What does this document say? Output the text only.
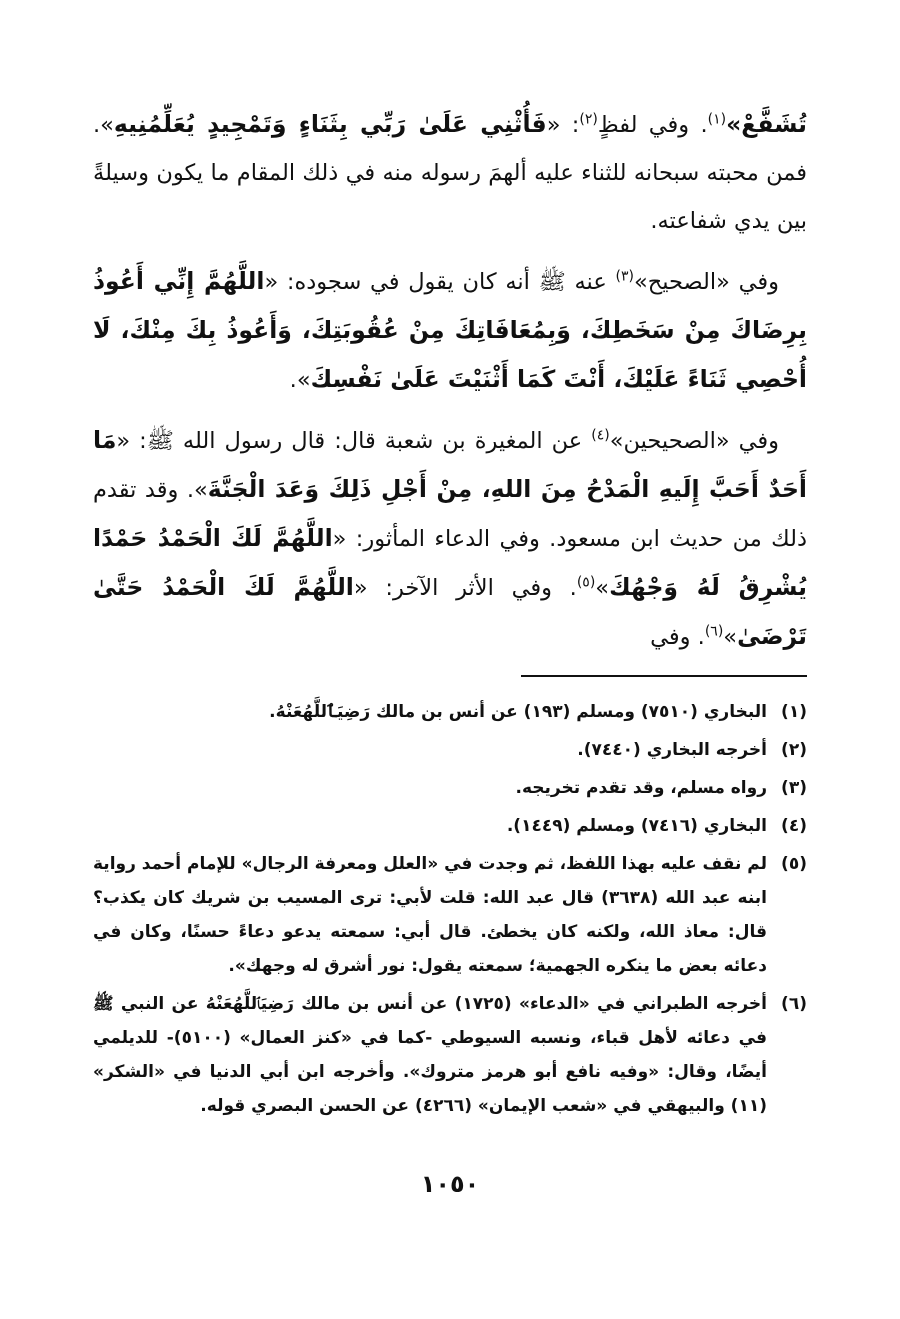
تُشَفَّعْ»$^{(١)}$. وفي لفظٍ$^{(٢)}$: «فَأُثْنِي عَلَىٰ رَبِّي بِثَنَاءٍ وَتَمْجِيدٍ يُعَلِّمُنِيهِ». فمن محبته سبحانه للثناء عليه ألهمَ رسوله منه في ذلك المقام ما يكون وسيلةً بين يدي شفاعته.

وفي «الصحيح»$^{(٣)}$ عنه ﷺ أنه كان يقول في سجوده: «اللَّهُمَّ إِنِّي أَعُوذُ بِرِضَاكَ مِنْ سَخَطِكَ، وَبِمُعَافَاتِكَ مِنْ عُقُوبَتِكَ، وَأَعُوذُ بِكَ مِنْكَ، لَا أُحْصِي ثَنَاءً عَلَيْكَ، أَنْتَ كَمَا أَثْنَيْتَ عَلَىٰ نَفْسِكَ».

وفي «الصحيحين»$^{(٤)}$ عن المغيرة بن شعبة قال: قال رسول الله ﷺ: «مَا أَحَدٌ أَحَبَّ إِلَيهِ الْمَدْحُ مِنَ اللهِ، مِنْ أَجْلِ ذَلِكَ وَعَدَ الْجَنَّةَ». وقد تقدم ذلك من حديث ابن مسعود. وفي الدعاء المأثور: «اللَّهُمَّ لَكَ الْحَمْدُ حَمْدًا يُشْرِقُ لَهُ وَجْهُكَ»$^{(٥)}$. وفي الأثر الآخر: «اللَّهُمَّ لَكَ الْحَمْدُ حَتَّىٰ تَرْضَىٰ»$^{(٦)}$. وفي

(١)
البخاري (٧٥١٠) ومسلم (١٩٣) عن أنس بن مالك رَضِيَٱللَّهُعَنْهُ.
(٢)
أخرجه البخاري (٧٤٤٠).
(٣)
رواه مسلم، وقد تقدم تخريجه.
(٤)
البخاري (٧٤١٦) ومسلم (١٤٤٩).
(٥)
لم نقف عليه بهذا اللفظ، ثم وجدت في «العلل ومعرفة الرجال» للإمام أحمد رواية ابنه عبد الله (٣٦٣٨) قال عبد الله: قلت لأبي: ترى المسيب بن شريك كان يكذب؟ قال: معاذ الله، ولكنه كان يخطئ. قال أبي: سمعته يدعو دعاءً حسنًا، وكان في دعائه بعض ما ينكره الجهمية؛ سمعته يقول: نور أشرق له وجهك».
(٦)
أخرجه الطبراني في «الدعاء» (١٧٢٥) عن أنس بن مالك رَضِيَٱللَّهُعَنْهُ عن النبي ﷺ في دعائه لأهل قباء، ونسبه السيوطي -كما في «كنز العمال» (٥١٠٠)- للديلمي أيضًا، وقال: «وفيه نافع أبو هرمز متروك». وأخرجه ابن أبي الدنيا في «الشكر» (١١) والبيهقي في «شعب الإيمان» (٤٢٦٦) عن الحسن البصري قوله.
١٠٥٠
